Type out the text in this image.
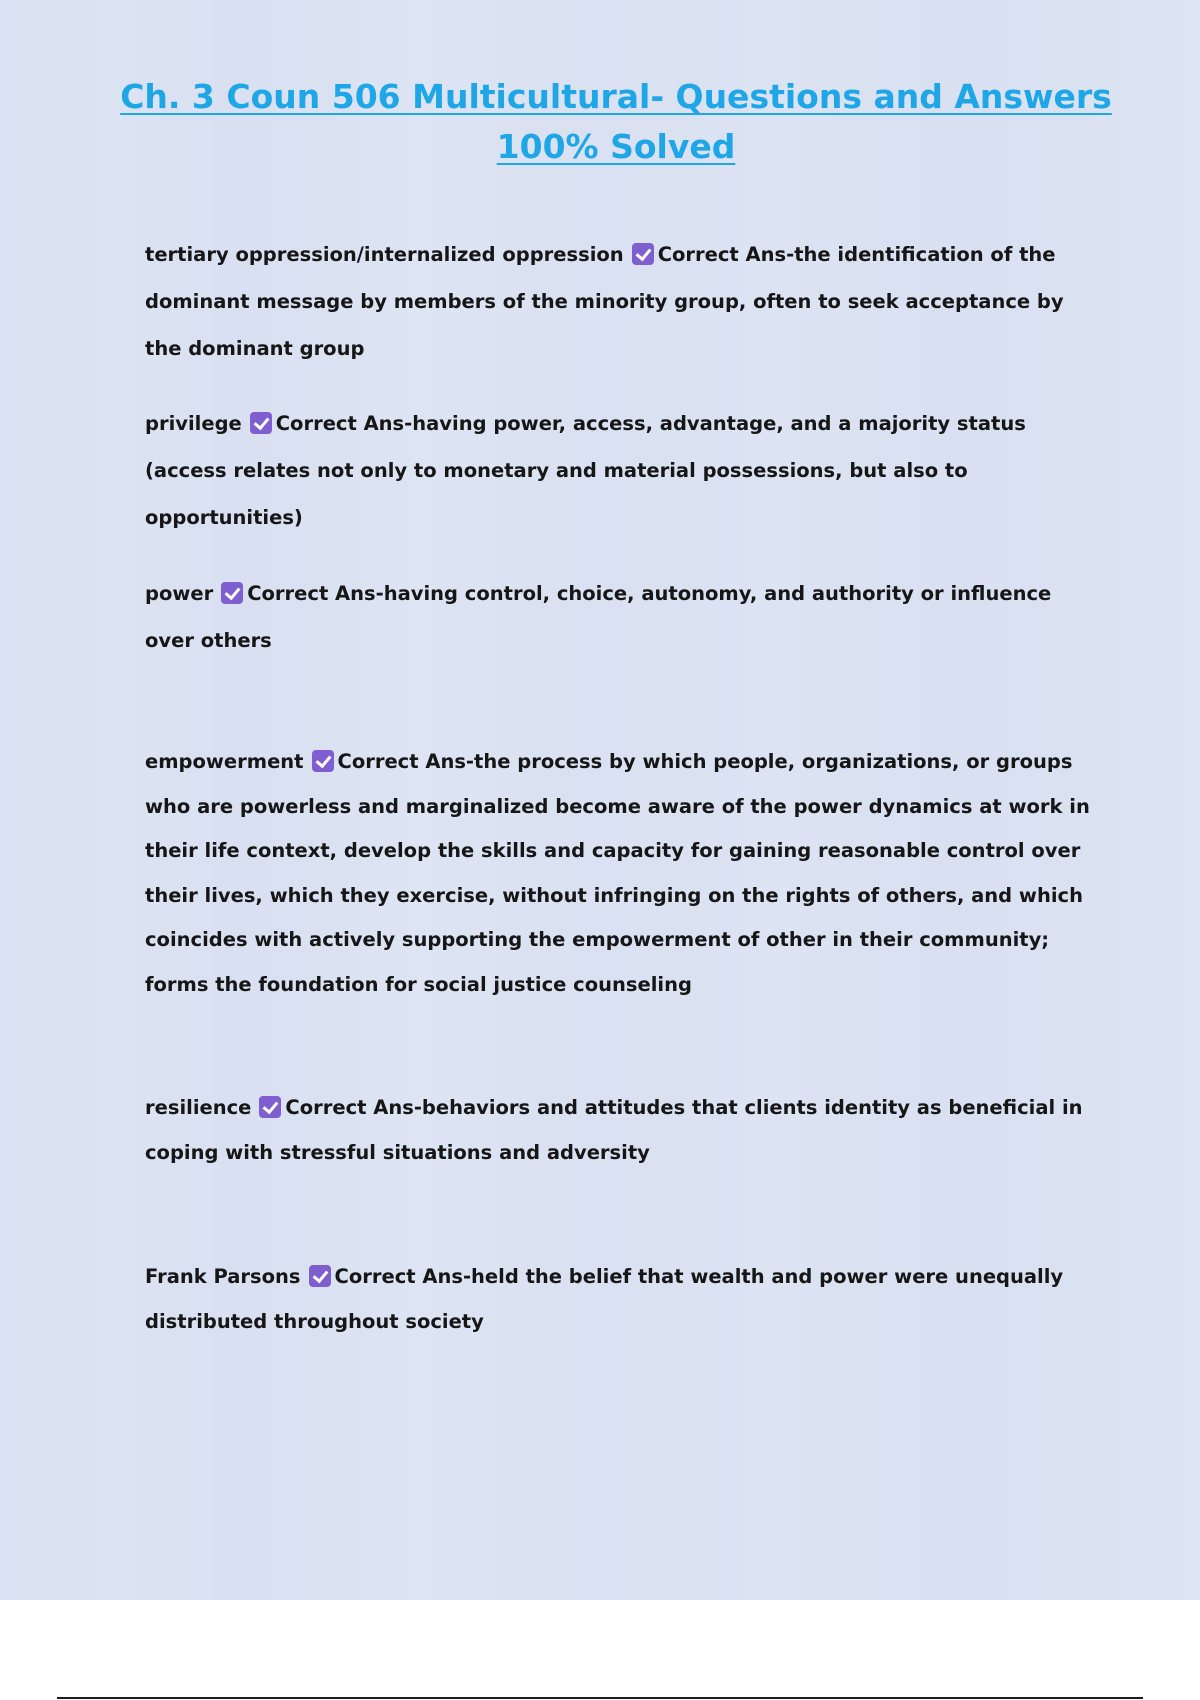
Ch. 3 Coun 506 Multicultural- Questions and Answers
100% Solved
tertiary oppression/internalized oppression Correct Ans-the identification of the dominant message by members of the minority group, often to seek acceptance by the dominant group
privilege Correct Ans-having power, access, advantage, and a majority status (access relates not only to monetary and material possessions, but also to opportunities)
power Correct Ans-having control, choice, autonomy, and authority or influence over others
empowerment Correct Ans-the process by which people, organizations, or groups who are powerless and marginalized become aware of the power dynamics at work in their life context, develop the skills and capacity for gaining reasonable control over their lives, which they exercise, without infringing on the rights of others, and which coincides with actively supporting the empowerment of other in their community; forms the foundation for social justice counseling
resilience Correct Ans-behaviors and attitudes that clients identity as beneficial in coping with stressful situations and adversity
Frank Parsons Correct Ans-held the belief that wealth and power were unequally distributed throughout society
